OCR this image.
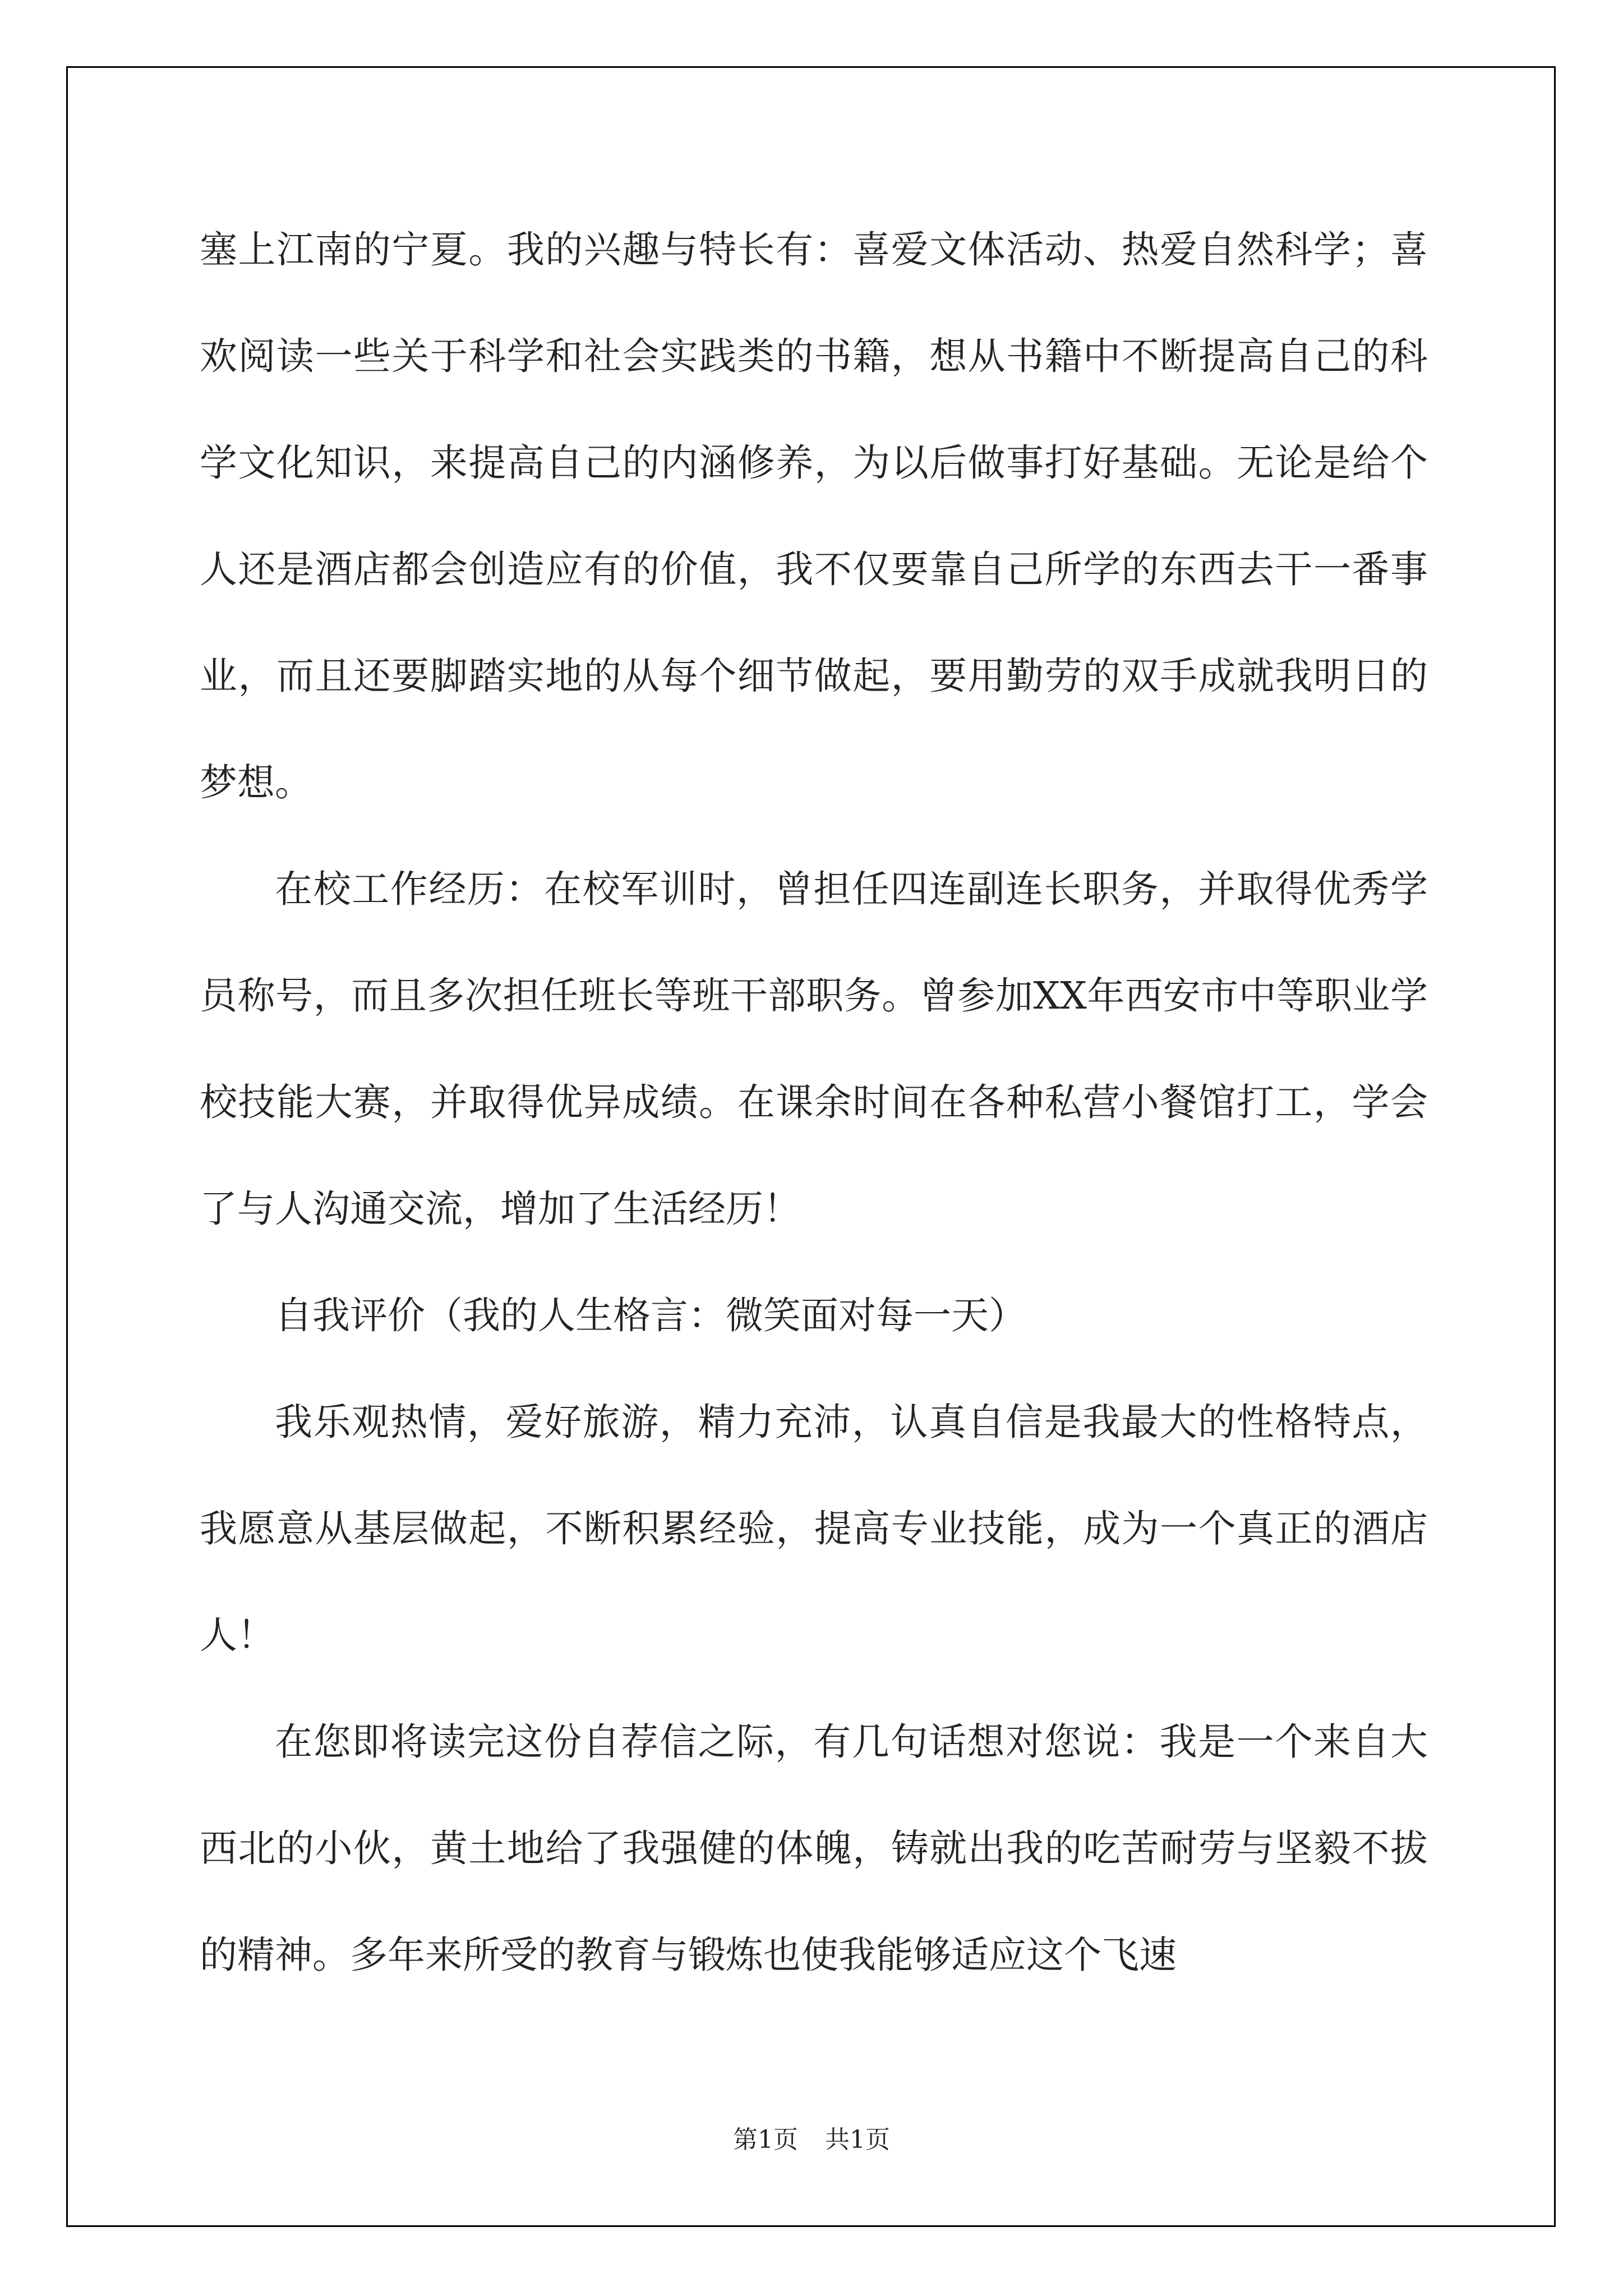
塞上江南的宁夏。我的兴趣与特长有：喜爱文体活动、热爱自然科学；喜欢阅读一些关于科学和社会实践类的书籍，想从书籍中不断提高自己的科学文化知识，来提高自己的内涵修养，为以后做事打好基础。无论是给个人还是酒店都会创造应有的价值，我不仅要靠自己所学的东西去干一番事业，而且还要脚踏实地的从每个细节做起，要用勤劳的双手成就我明日的梦想。

在校工作经历：在校军训时，曾担任四连副连长职务，并取得优秀学员称号，而且多次担任班长等班干部职务。曾参加XX年西安市中等职业学校技能大赛，并取得优异成绩。在课余时间在各种私营小餐馆打工，学会了与人沟通交流，增加了生活经历！

自我评价（我的人生格言：微笑面对每一天）

我乐观热情，爱好旅游，精力充沛，认真自信是我最大的性格特点，我愿意从基层做起，不断积累经验，提高专业技能，成为一个真正的酒店人！

在您即将读完这份自荐信之际，有几句话想对您说：我是一个来自大西北的小伙，黄土地给了我强健的体魄，铸就出我的吃苦耐劳与坚毅不拔的精神。多年来所受的教育与锻炼也使我能够适应这个飞速

第1页 共1页
